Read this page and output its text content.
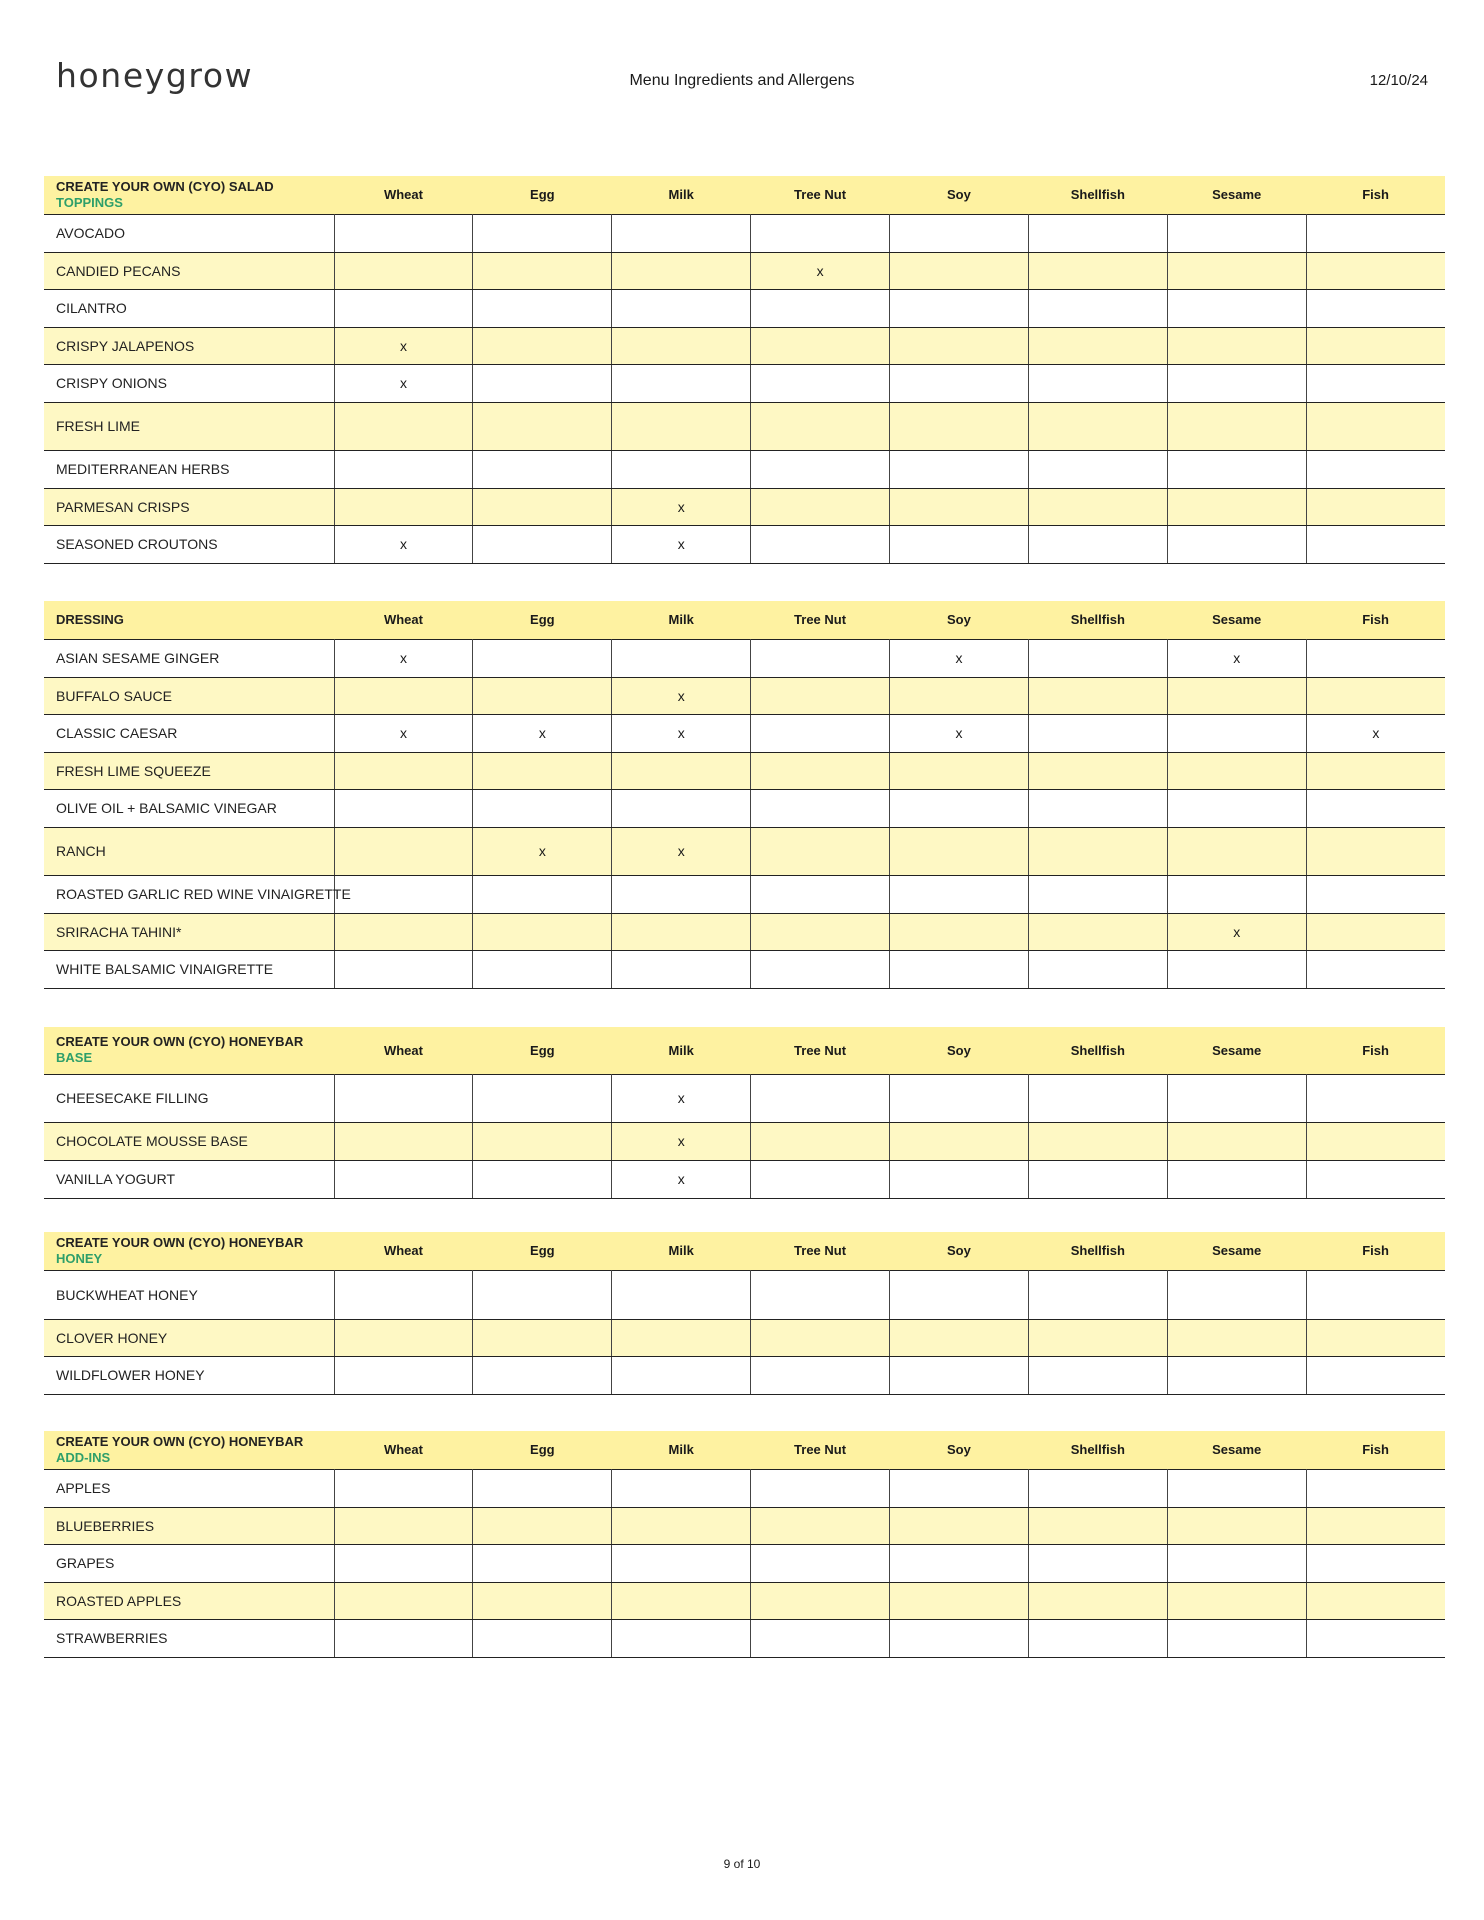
honeygrow	Menu Ingredients and Allergens	12/10/24
CREATE YOUR OWN (CYO) SALAD
TOPPINGS	Wheat	Egg	Milk	Tree Nut	Soy	Shellfish	Sesame	Fish
AVOCADO								
CANDIED PECANS				x				
CILANTRO								
CRISPY JALAPENOS	x							
CRISPY ONIONS	x							
FRESH LIME								
MEDITERRANEAN HERBS								
PARMESAN CRISPS			x					
SEASONED CROUTONS	x		x					
DRESSING	Wheat	Egg	Milk	Tree Nut	Soy	Shellfish	Sesame	Fish
ASIAN SESAME GINGER	x				x		x	
BUFFALO SAUCE			x					
CLASSIC CAESAR	x	x	x		x			x
FRESH LIME SQUEEZE								
OLIVE OIL + BALSAMIC VINEGAR								
RANCH		x	x					
ROASTED GARLIC RED WINE VINAIGRETTE								
SRIRACHA TAHINI*							x	
WHITE BALSAMIC VINAIGRETTE								
CREATE YOUR OWN (CYO) HONEYBAR
BASE	Wheat	Egg	Milk	Tree Nut	Soy	Shellfish	Sesame	Fish
CHEESECAKE FILLING			x					
CHOCOLATE MOUSSE BASE			x					
VANILLA YOGURT			x					
CREATE YOUR OWN (CYO) HONEYBAR
HONEY	Wheat	Egg	Milk	Tree Nut	Soy	Shellfish	Sesame	Fish
BUCKWHEAT HONEY								
CLOVER HONEY								
WILDFLOWER HONEY								
CREATE YOUR OWN (CYO) HONEYBAR
ADD-INS	Wheat	Egg	Milk	Tree Nut	Soy	Shellfish	Sesame	Fish
APPLES								
BLUEBERRIES								
GRAPES								
ROASTED APPLES								
STRAWBERRIES								
9 of 10
